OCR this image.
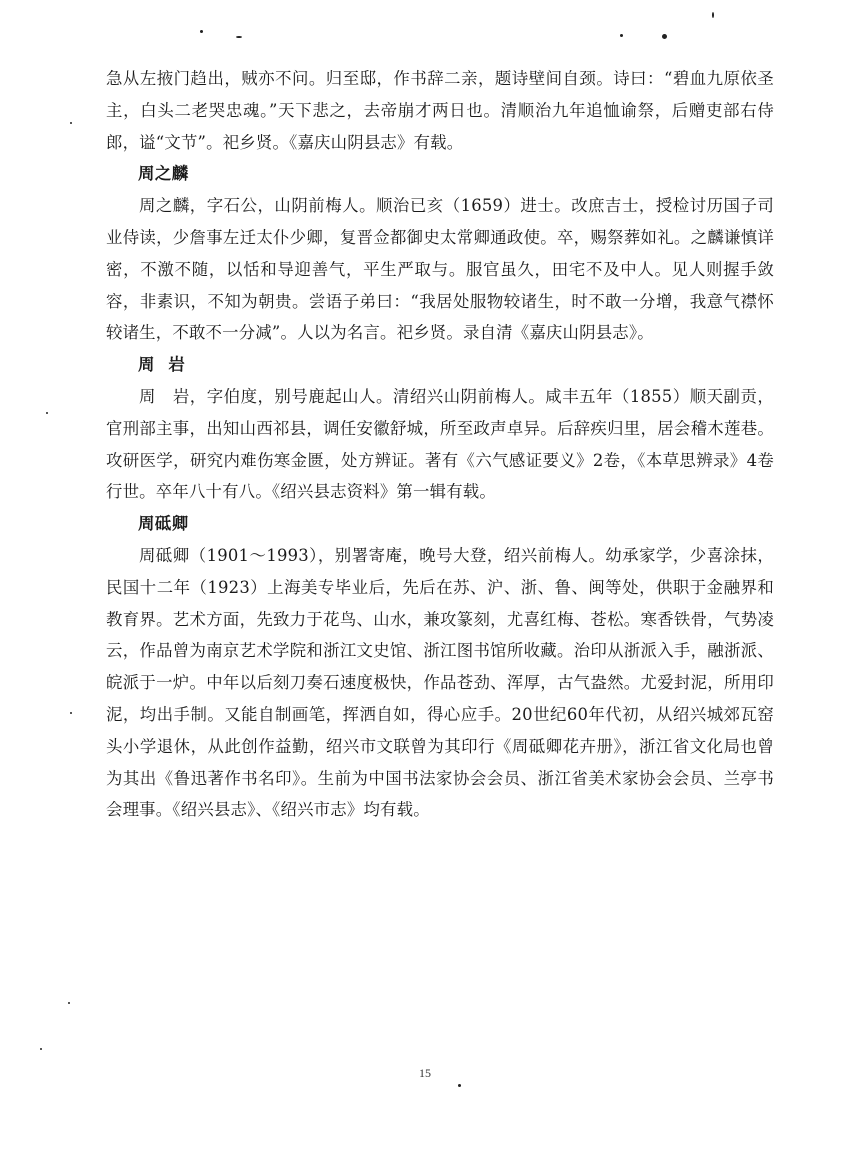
急从左掖门趋出，贼亦不问。归至邸，作书辞二亲，题诗壁间自颈。诗曰：“碧血九原依圣主，白头二老哭忠魂。”天下悲之，去帝崩才两日也。清顺治九年追恤谕祭，后赠吏部右侍郎，谥“文节”。祀乡贤。《嘉庆山阴县志》有载。

周之麟

周之麟，字石公，山阴前梅人。顺治已亥（1659）进士。改庶吉士，授检讨历国子司业侍读，少詹事左迁太仆少卿，复晋佥都御史太常卿通政使。卒，赐祭葬如礼。之麟谦慎详密，不激不随，以恬和导迎善气，平生严取与。服官虽久，田宅不及中人。见人则握手敛容，非素识，不知为朝贵。尝语子弟曰：“我居处服物较诸生，时不敢一分增，我意气襟怀较诸生，不敢不一分减”。人以为名言。祀乡贤。录自清《嘉庆山阴县志》。

周岩

周　岩，字伯度，别号鹿起山人。清绍兴山阴前梅人。咸丰五年（1855）顺天副贡，官刑部主事，出知山西祁县，调任安徽舒城，所至政声卓异。后辞疾归里，居会稽木莲巷。攻研医学，研究内难伤寒金匮，处方辨证。著有《六气感证要义》2卷，《本草思辨录》4卷行世。卒年八十有八。《绍兴县志资料》第一辑有载。

周砥卿

周砥卿（1901～1993），别署寄庵，晚号大登，绍兴前梅人。幼承家学，少喜涂抹，民国十二年（1923）上海美专毕业后，先后在苏、沪、浙、鲁、闽等处，供职于金融界和教育界。艺术方面，先致力于花鸟、山水，兼攻篆刻，尤喜红梅、苍松。寒香铁骨，气势凌云，作品曾为南京艺术学院和浙江文史馆、浙江图书馆所收藏。治印从浙派入手，融浙派、皖派于一炉。中年以后刻刀奏石速度极快，作品苍劲、浑厚，古气盎然。尤爱封泥，所用印泥，均出手制。又能自制画笔，挥洒自如，得心应手。20世纪60年代初，从绍兴城郊瓦窑头小学退休，从此创作益勤，绍兴市文联曾为其印行《周砥卿花卉册》，浙江省文化局也曾为其出《鲁迅著作书名印》。生前为中国书法家协会会员、浙江省美术家协会会员、兰亭书会理事。《绍兴县志》、《绍兴市志》均有载。

15
